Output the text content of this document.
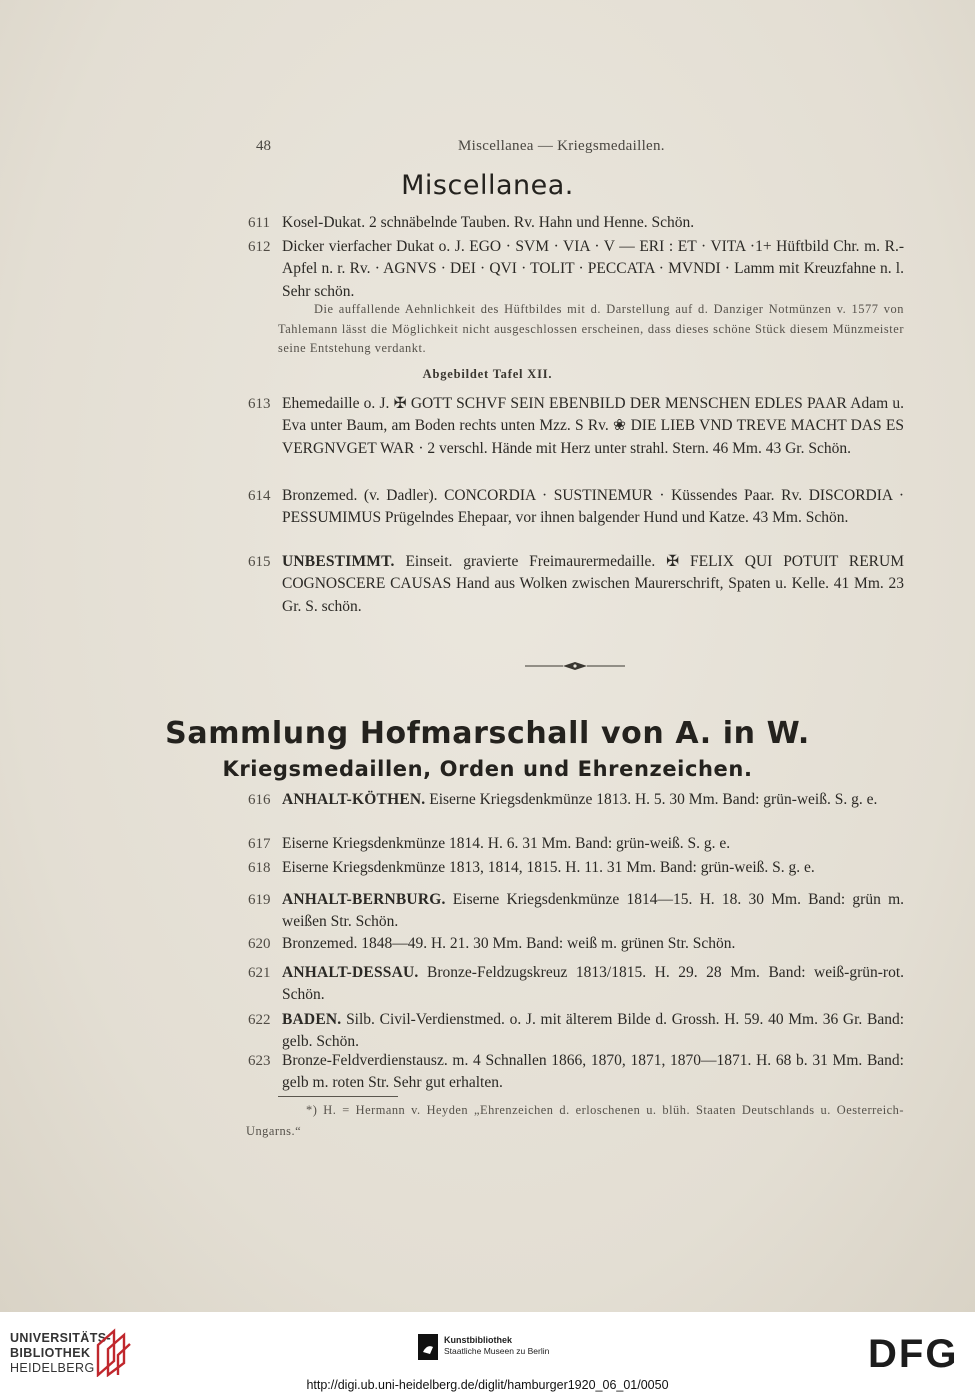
48	Miscellanea — Kriegsmedaillen.
Miscellanea.
611 Kosel-Dukat. 2 schnäbelnde Tauben. Rv. Hahn und Henne. Schön.
612 Dicker vierfacher Dukat o. J. EGO · SVM · VIA · V — ERI : ET · VITA ·1+ Hüftbild Chr. m. R.-Apfel n. r. Rv. · AGNVS · DEI · QVI · TOLIT · PECCATA · MVNDI · Lamm mit Kreuzfahne n. l. Sehr schön.
Die auffallende Aehnlichkeit des Hüftbildes mit d. Darstellung auf d. Danziger Notmünzen v. 1577 von Tahlemann lässt die Möglichkeit nicht ausgeschlossen erscheinen, dass dieses schöne Stück diesem Münzmeister seine Entstehung verdankt.
Abgebildet Tafel XII.
613 Ehemedaille o. J. ✠ GOTT SCHVF SEIN EBENBILD DER MENSCHEN EDLES PAAR Adam u. Eva unter Baum, am Boden rechts unten Mzz. S Rv. ❀ DIE LIEB VND TREVE MACHT DAS ES VERGNVGET WAR · 2 verschl. Hände mit Herz unter strahl. Stern. 46 Mm. 43 Gr. Schön.
614 Bronzemed. (v. Dadler). CONCORDIA · SUSTINEMUR · Küssendes Paar. Rv. DISCORDIA · PESSUMIMUS Prügelndes Ehepaar, vor ihnen balgender Hund und Katze. 43 Mm. Schön.
615 UNBESTIMMT. Einseit. gravierte Freimaurermedaille. ✠ FELIX QUI POTUIT RERUM COGNOSCERE CAUSAS Hand aus Wolken zwischen Maurerschrift, Spaten u. Kelle. 41 Mm. 23 Gr. S. schön.
Sammlung Hofmarschall von A. in W.
Kriegsmedaillen, Orden und Ehrenzeichen.
616 ANHALT-KÖTHEN. Eiserne Kriegsdenkmünze 1813. H. 5. 30 Mm. Band: grün-weiß. S. g. e.
617 Eiserne Kriegsdenkmünze 1814. H. 6. 31 Mm. Band: grün-weiß. S. g. e.
618 Eiserne Kriegsdenkmünze 1813, 1814, 1815. H. 11. 31 Mm. Band: grün-weiß. S. g. e.
619 ANHALT-BERNBURG. Eiserne Kriegsdenkmünze 1814—15. H. 18. 30 Mm. Band: grün m. weißen Str. Schön.
620 Bronzemed. 1848—49. H. 21. 30 Mm. Band: weiß m. grünen Str. Schön.
621 ANHALT-DESSAU. Bronze-Feldzugskreuz 1813/1815. H. 29. 28 Mm. Band: weiß-grün-rot. Schön.
622 BADEN. Silb. Civil-Verdienstmed. o. J. mit älterem Bilde d. Grossh. H. 59. 40 Mm. 36 Gr. Band: gelb. Schön.
623 Bronze-Feldverdienstausz. m. 4 Schnallen 1866, 1870, 1871, 1870—1871. H. 68 b. 31 Mm. Band: gelb m. roten Str. Sehr gut erhalten.
*) H. = Hermann v. Heyden „Ehrenzeichen d. erloschenen u. blüh. Staaten Deutschlands u. Oesterreich-Ungarns.“
UNIVERSITÄTS-
BIBLIOTHEK
HEIDELBERG
Kunstbibliothek
Staatliche Museen zu Berlin	DFG
http://digi.ub.uni-heidelberg.de/diglit/hamburger1920_06_01/0050
